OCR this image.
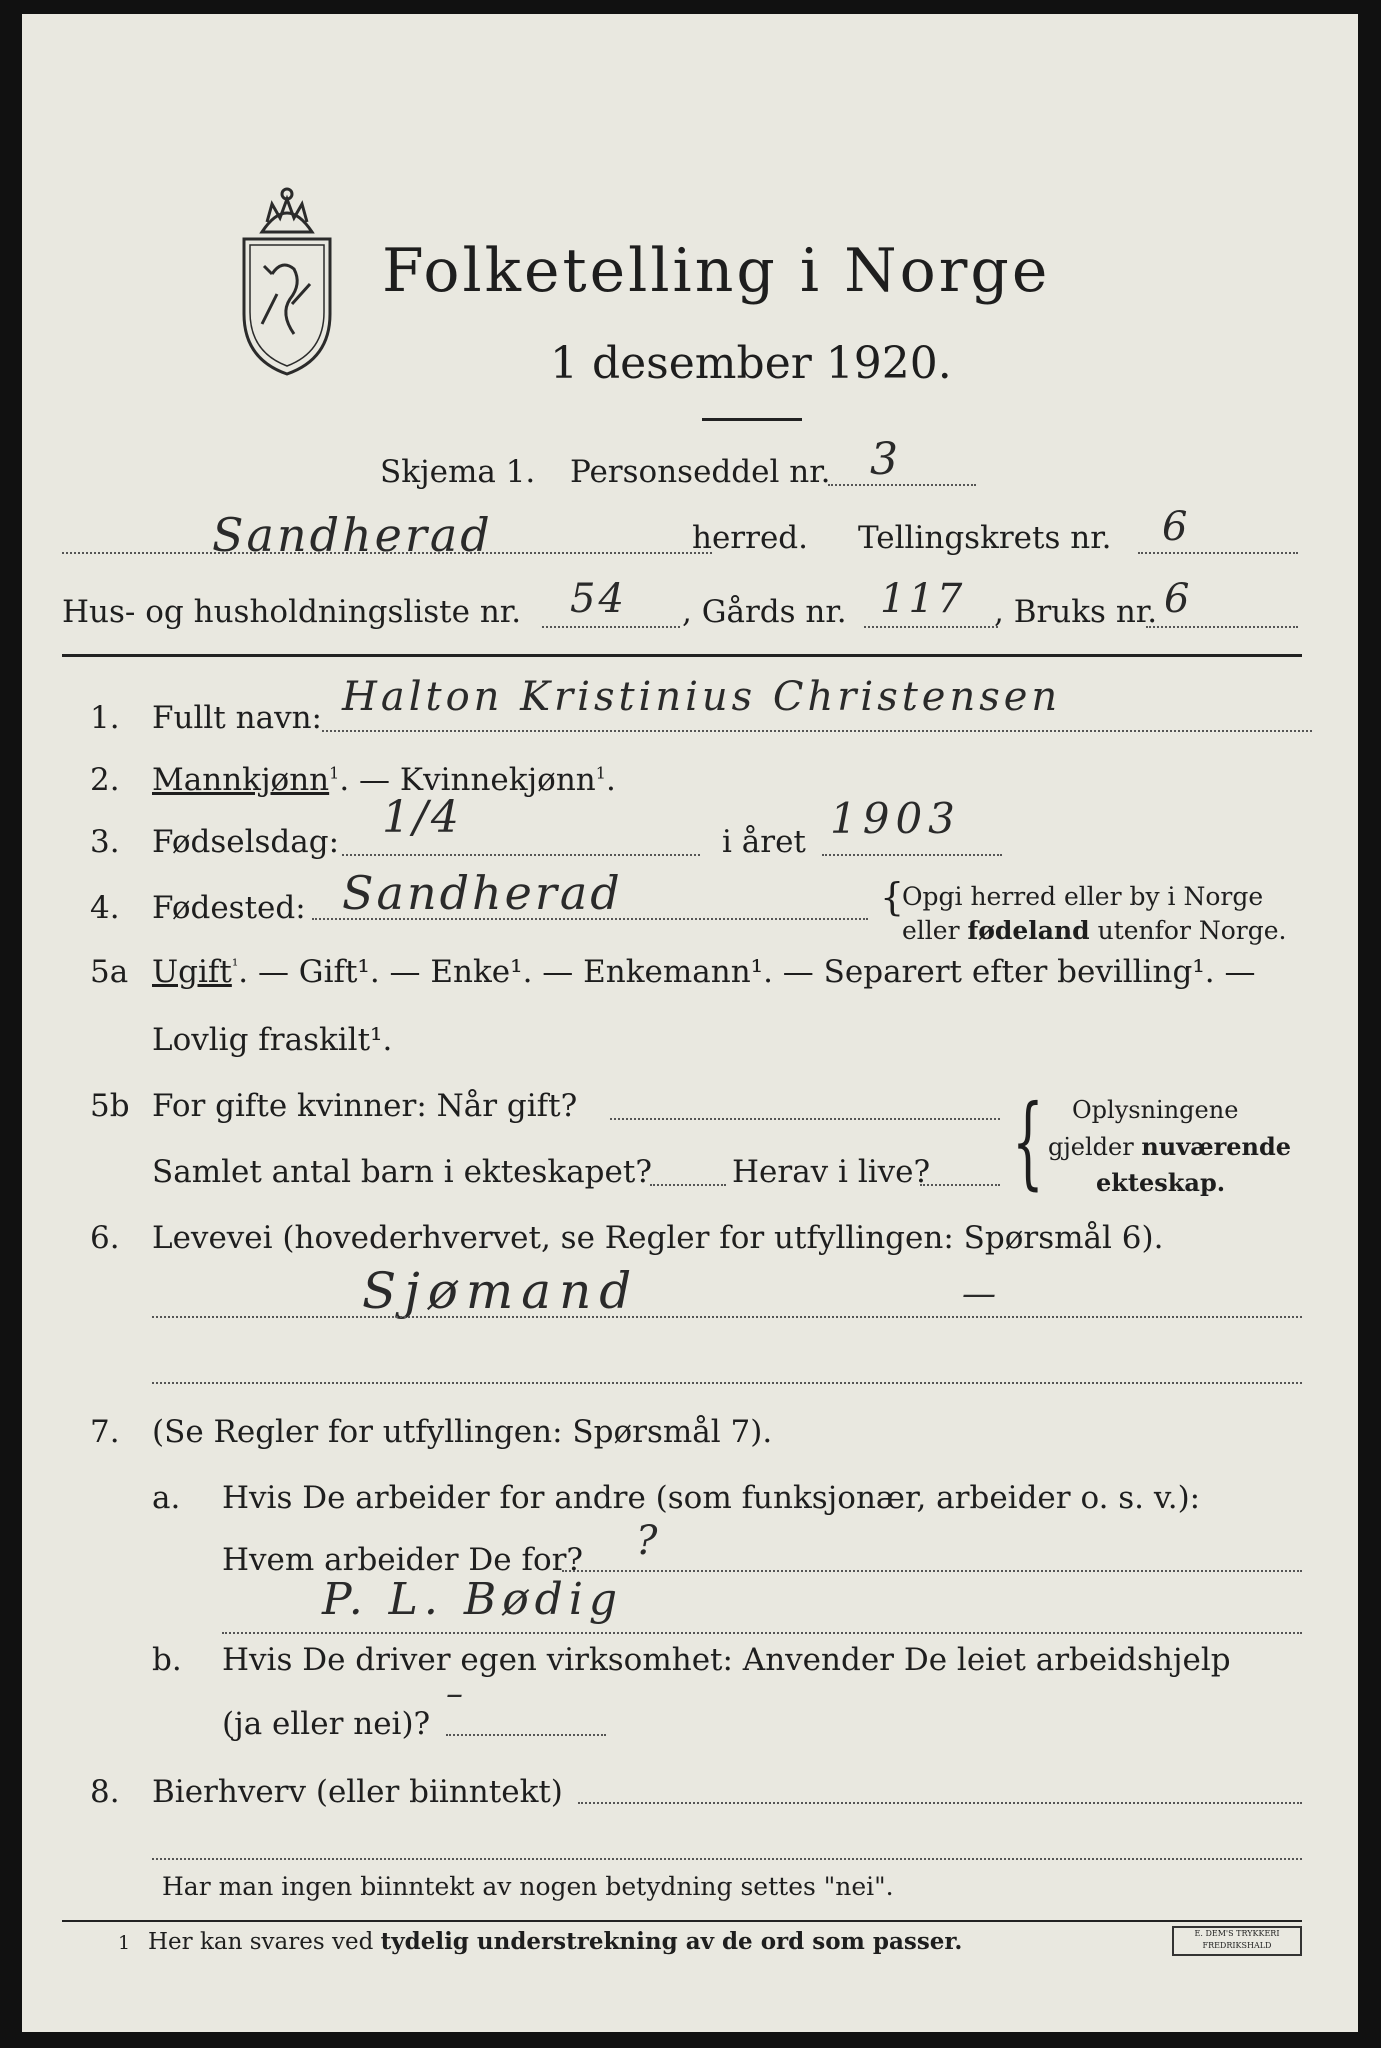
Folketelling i Norge
1 desember 1920.
Skjema 1. Personseddel nr. 3
Sandherad	herred. Tellingskrets nr. 6
Hus- og husholdningsliste nr. 54 , Gårds nr. 117 , Bruks nr. 6
1. Fullt navn: Halton Kristinius Christensen
2. Mannkjønn$^1$. — Kvinnekjønn$^1$.
3. Fødselsdag: 1/4	i året 1903
4. Fødested: Sandherad	{
Opgi herred eller by i Norge
eller fødeland utenfor Norge.
5a Ugift$^{^1}$. — Gift¹. — Enke¹. — Enkemann¹. — Separert efter bevilling¹. —
Lovlig fraskilt¹.
5b For gifte kvinner: Når gift?
Samlet antal barn i ekteskapet?	Herav i live? { Oplysningene
gjelder nuværende
ekteskap.
6. Levevei (hovederhvervet, se Regler for utfyllingen: Spørsmål 6).
Sjømand	—
7. (Se Regler for utfyllingen: Spørsmål 7).
a. Hvis De arbeider for andre (som funksjonær, arbeider o. s. v.):
Hvem arbeider De for? ?
P. L. Bødig
b. Hvis De driver egen virksomhet: Anvender De leiet arbeidshjelp
(ja eller nei)?
–
8. Bierhverv (eller biinntekt)
Har man ingen biinntekt av nogen betydning settes "nei".
1 Her kan svares ved tydelig understrekning av de ord som passer.	E. DEM'S TRYKKERI FREDRIKSHALD
